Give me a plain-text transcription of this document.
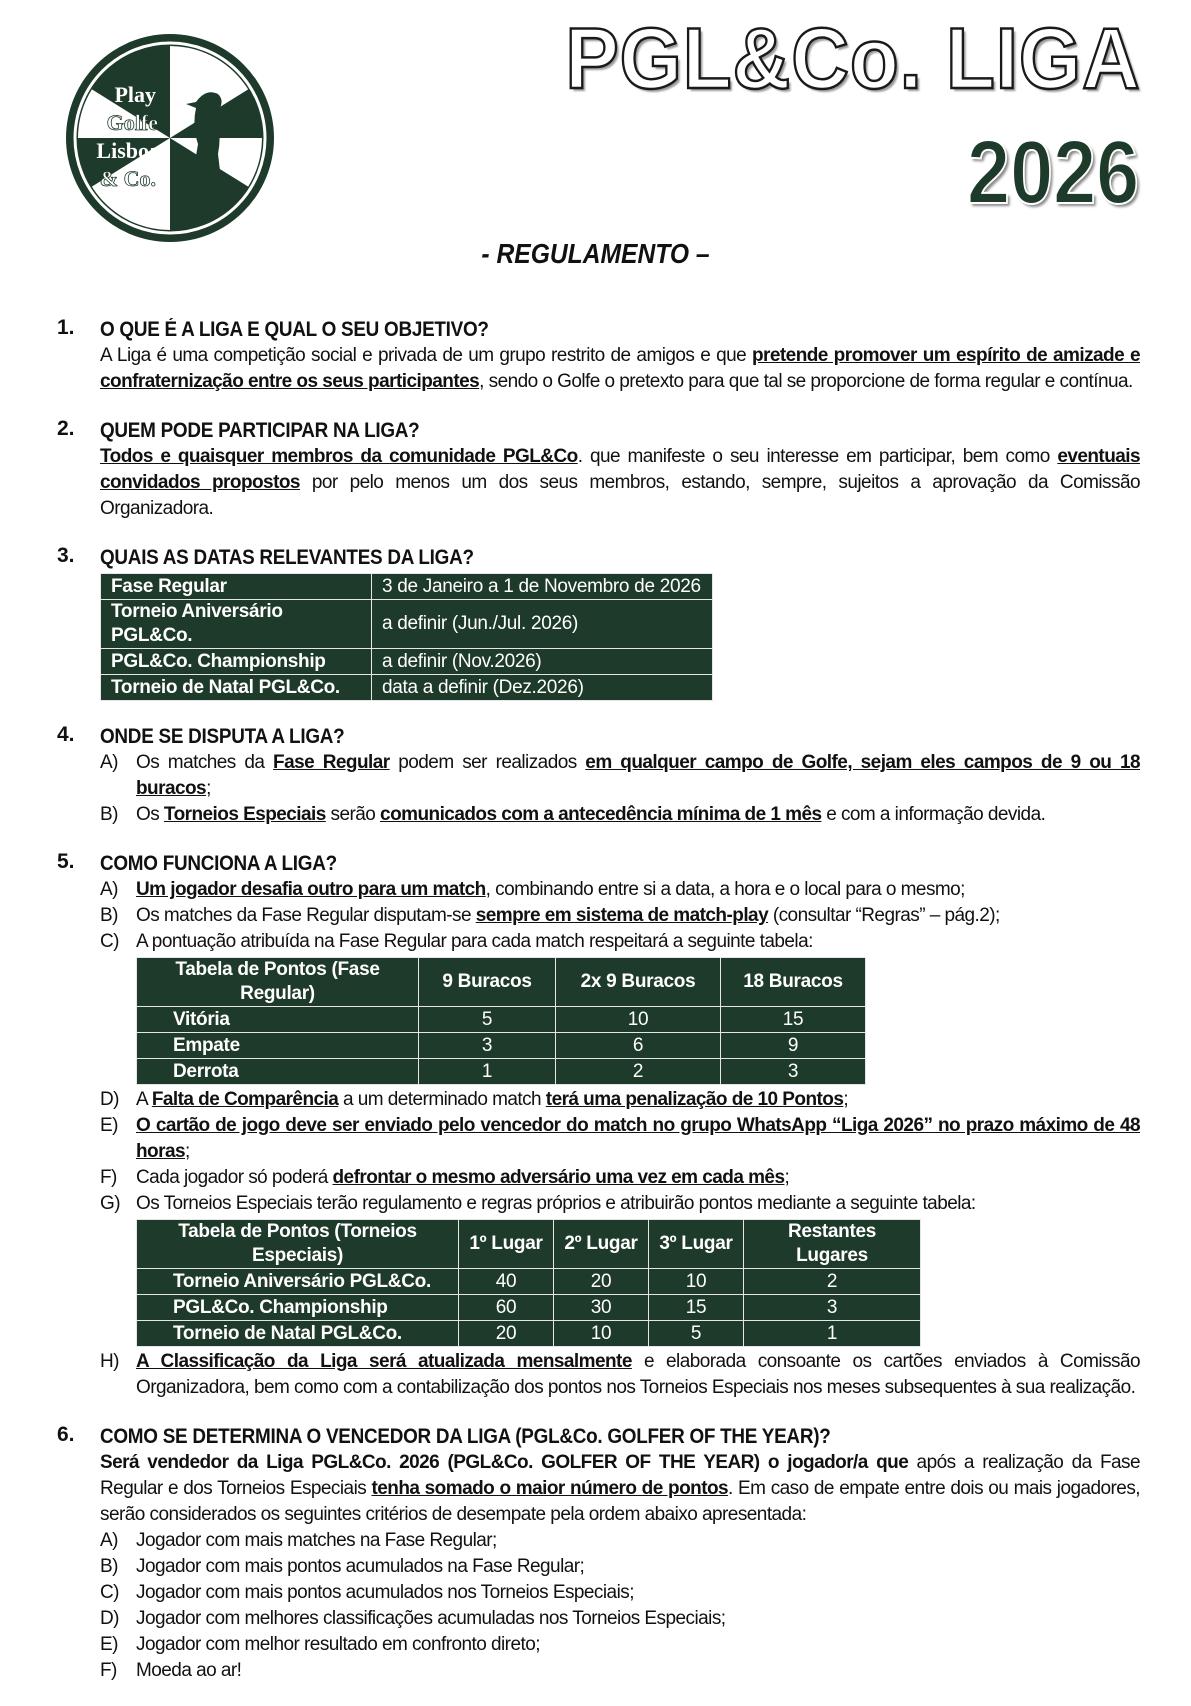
Play
Golfe
Lisboa
& Co.
PGL&Co. LIGA
2026
- REGULAMENTO –
1. O QUE É A LIGA E QUAL O SEU OBJETIVO?
A Liga é uma competição social e privada de um grupo restrito de amigos e que pretende promover um espírito de amizade e confraternização entre os seus participantes, sendo o Golfe o pretexto para que tal se proporcione de forma regular e contínua.
2. QUEM PODE PARTICIPAR NA LIGA?
Todos e quaisquer membros da comunidade PGL&Co. que manifeste o seu interesse em participar, bem como eventuais convidados propostos por pelo menos um dos seus membros, estando, sempre, sujeitos a aprovação da Comissão Organizadora.
3. QUAIS AS DATAS RELEVANTES DA LIGA?
Fase Regular	3 de Janeiro a 1 de Novembro de 2026
Torneio Aniversário PGL&Co.	a definir (Jun./Jul. 2026)
PGL&Co. Championship	a definir (Nov.2026)
Torneio de Natal PGL&Co.	data a definir (Dez.2026)
4. ONDE SE DISPUTA A LIGA?
A) Os matches da Fase Regular podem ser realizados em qualquer campo de Golfe, sejam eles campos de 9 ou 18 buracos;
B) Os Torneios Especiais serão comunicados com a antecedência mínima de 1 mês e com a informação devida.
5. COMO FUNCIONA A LIGA?
A) Um jogador desafia outro para um match, combinando entre si a data, a hora e o local para o mesmo;
B) Os matches da Fase Regular disputam-se sempre em sistema de match-play (consultar “Regras” – pág.2);
C) A pontuação atribuída na Fase Regular para cada match respeitará a seguinte tabela:
Tabela de Pontos (Fase Regular)	9 Buracos	2x 9 Buracos	18 Buracos
Vitória	5	10	15
Empate	3	6	9
Derrota	1	2	3
D) A Falta de Comparência a um determinado match terá uma penalização de 10 Pontos;
E) O cartão de jogo deve ser enviado pelo vencedor do match no grupo WhatsApp “Liga 2026” no prazo máximo de 48 horas;
F) Cada jogador só poderá defrontar o mesmo adversário uma vez em cada mês;
G) Os Torneios Especiais terão regulamento e regras próprios e atribuirão pontos mediante a seguinte tabela:
Tabela de Pontos (Torneios Especiais)	1º Lugar	2º Lugar	3º Lugar	Restantes Lugares
Torneio Aniversário PGL&Co.	40	20	10	2
PGL&Co. Championship	60	30	15	3
Torneio de Natal PGL&Co.	20	10	5	1
H) A Classificação da Liga será atualizada mensalmente e elaborada consoante os cartões enviados à Comissão Organizadora, bem como com a contabilização dos pontos nos Torneios Especiais nos meses subsequentes à sua realização.
6. COMO SE DETERMINA O VENCEDOR DA LIGA (PGL&Co. GOLFER OF THE YEAR)?
Será vendedor da Liga PGL&Co. 2026 (PGL&Co. GOLFER OF THE YEAR) o jogador/a que após a realização da Fase Regular e dos Torneios Especiais tenha somado o maior número de pontos. Em caso de empate entre dois ou mais jogadores, serão considerados os seguintes critérios de desempate pela ordem abaixo apresentada:
A) Jogador com mais matches na Fase Regular;
B) Jogador com mais pontos acumulados na Fase Regular;
C) Jogador com mais pontos acumulados nos Torneios Especiais;
D) Jogador com melhores classificações acumuladas nos Torneios Especiais;
E) Jogador com melhor resultado em confronto direto;
F) Moeda ao ar!
